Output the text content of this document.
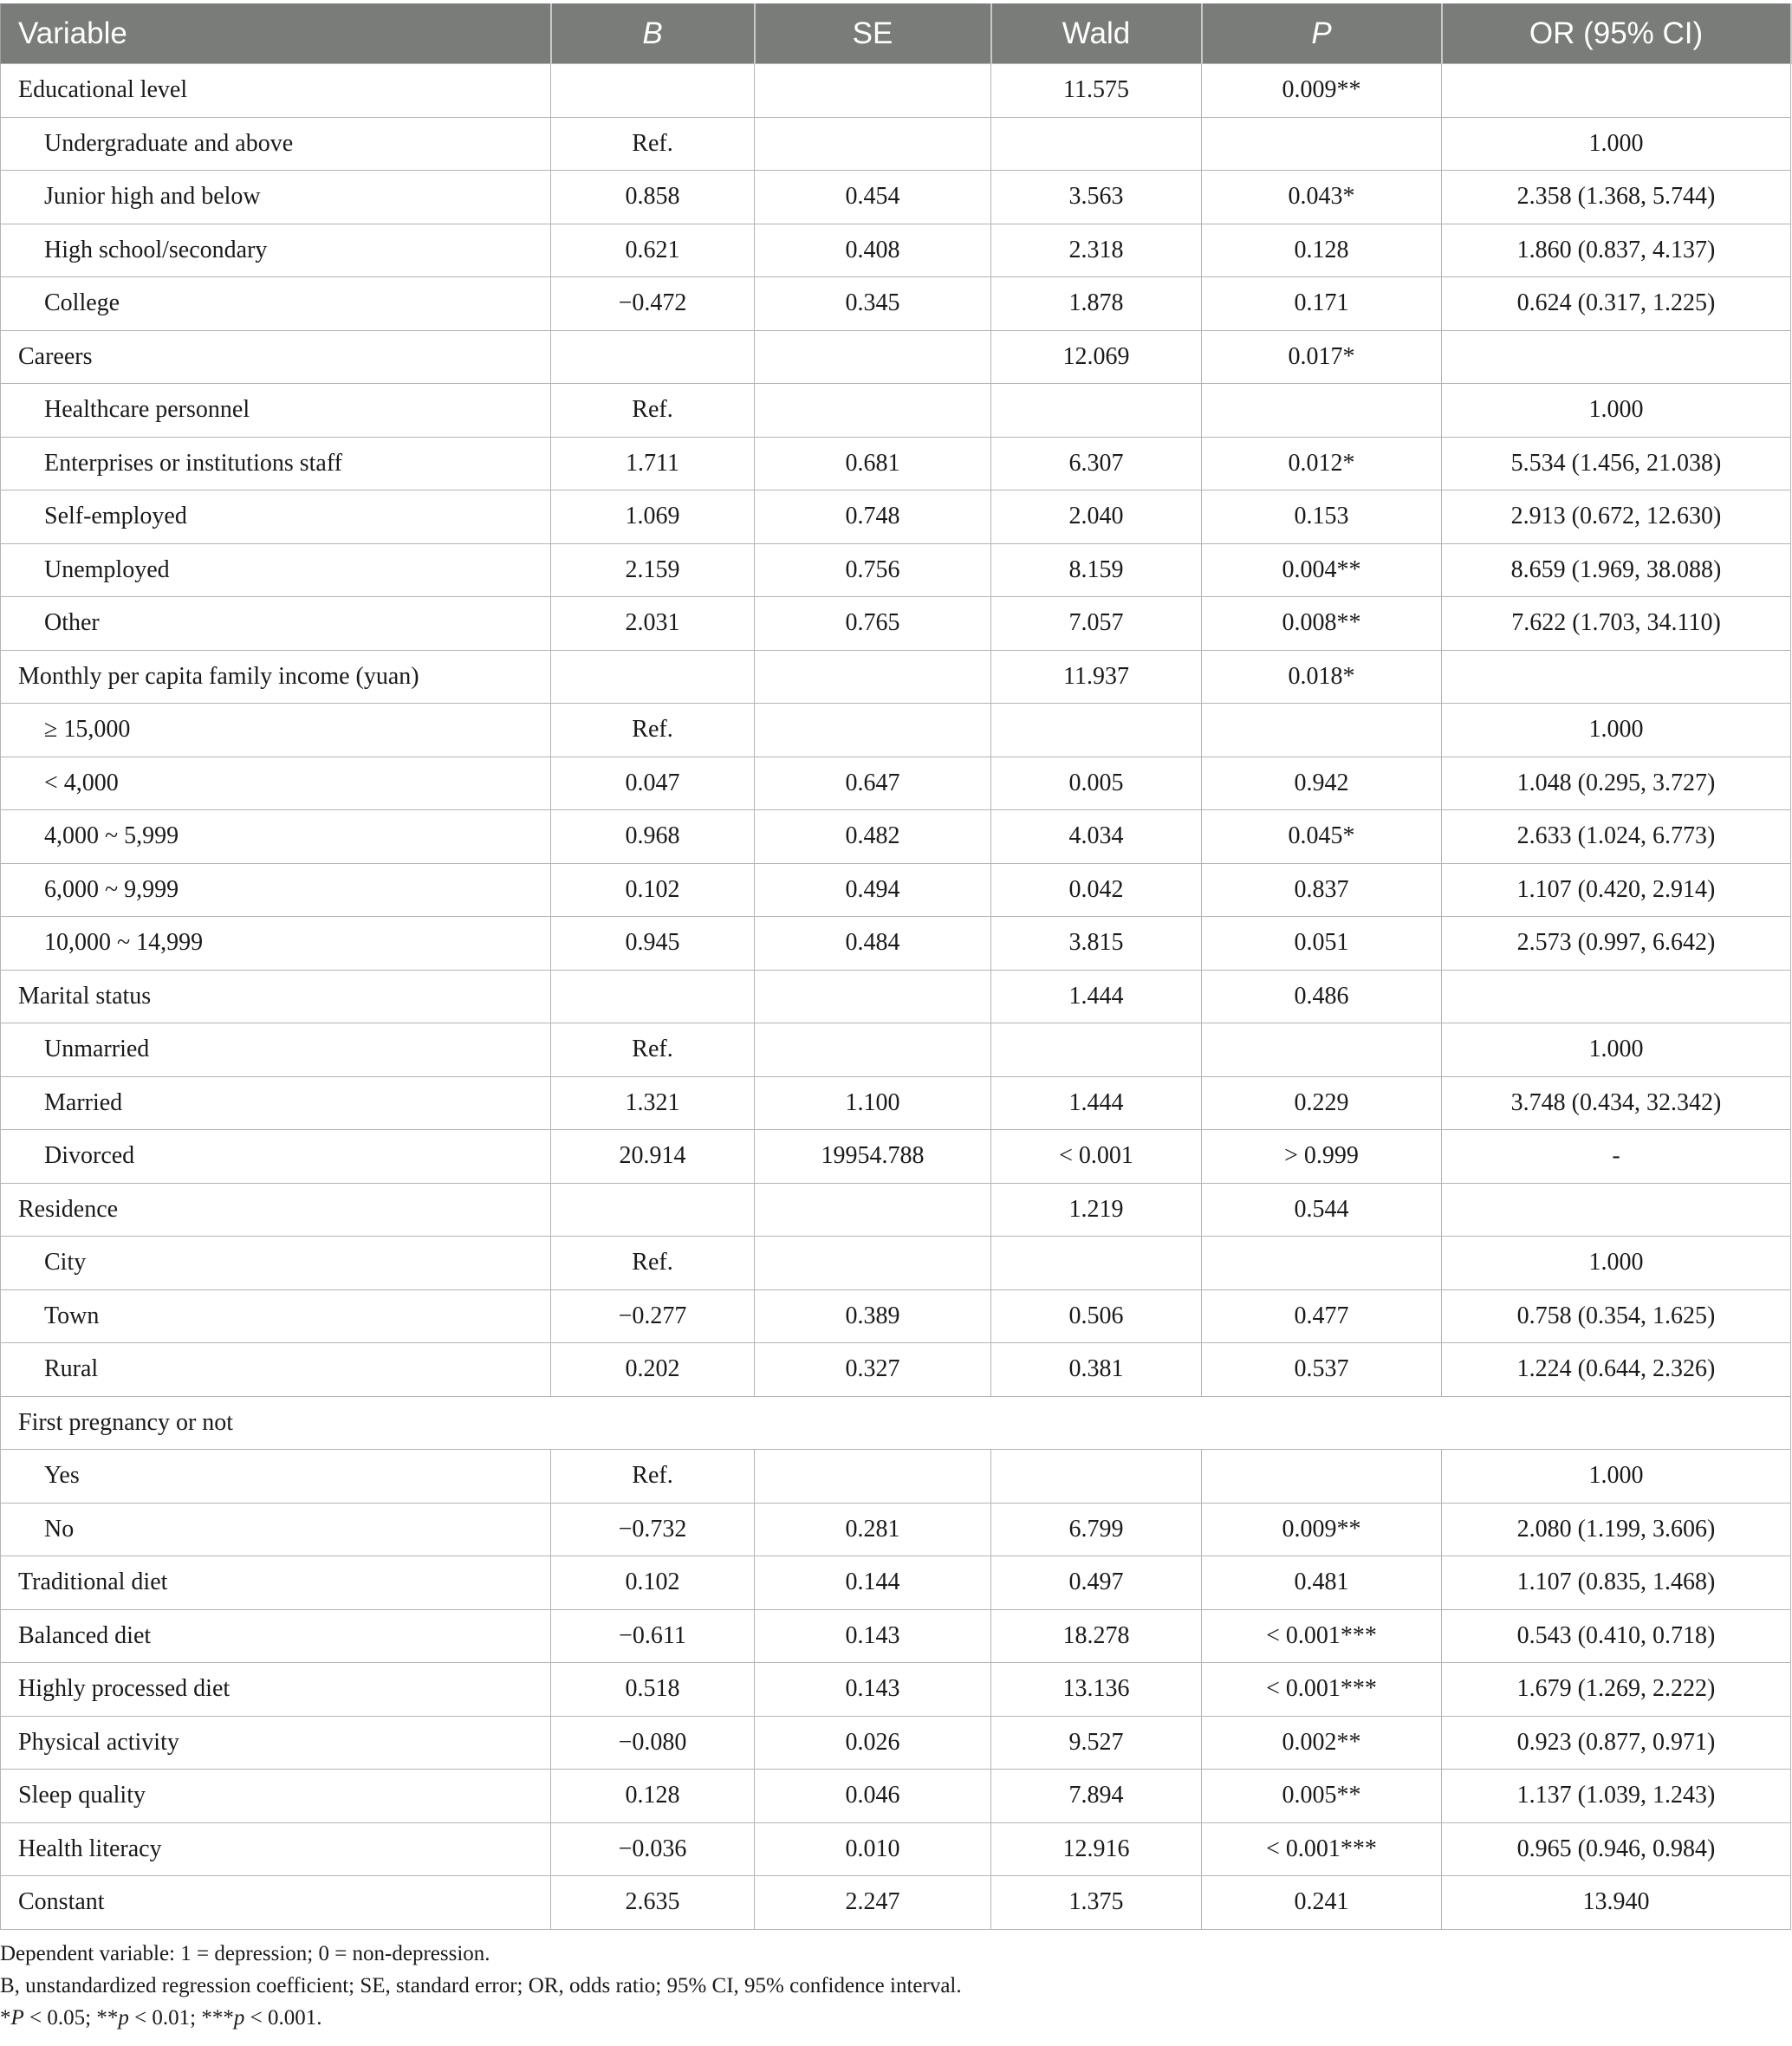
Variable	B	SE	Wald	P	OR (95% CI)
Educational level			11.575	0.009**	
Undergraduate and above	Ref.				1.000
Junior high and below	0.858	0.454	3.563	0.043*	2.358 (1.368, 5.744)
High school/secondary	0.621	0.408	2.318	0.128	1.860 (0.837, 4.137)
College	−0.472	0.345	1.878	0.171	0.624 (0.317, 1.225)
Careers			12.069	0.017*	
Healthcare personnel	Ref.				1.000
Enterprises or institutions staff	1.711	0.681	6.307	0.012*	5.534 (1.456, 21.038)
Self-employed	1.069	0.748	2.040	0.153	2.913 (0.672, 12.630)
Unemployed	2.159	0.756	8.159	0.004**	8.659 (1.969, 38.088)
Other	2.031	0.765	7.057	0.008**	7.622 (1.703, 34.110)
Monthly per capita family income (yuan)			11.937	0.018*	
≥ 15,000	Ref.				1.000
< 4,000	0.047	0.647	0.005	0.942	1.048 (0.295, 3.727)
4,000 ~ 5,999	0.968	0.482	4.034	0.045*	2.633 (1.024, 6.773)
6,000 ~ 9,999	0.102	0.494	0.042	0.837	1.107 (0.420, 2.914)
10,000 ~ 14,999	0.945	0.484	3.815	0.051	2.573 (0.997, 6.642)
Marital status			1.444	0.486	
Unmarried	Ref.				1.000
Married	1.321	1.100	1.444	0.229	3.748 (0.434, 32.342)
Divorced	20.914	19954.788	< 0.001	> 0.999	-
Residence			1.219	0.544	
City	Ref.				1.000
Town	−0.277	0.389	0.506	0.477	0.758 (0.354, 1.625)
Rural	0.202	0.327	0.381	0.537	1.224 (0.644, 2.326)
First pregnancy or not					
Yes	Ref.				1.000
No	−0.732	0.281	6.799	0.009**	2.080 (1.199, 3.606)
Traditional diet	0.102	0.144	0.497	0.481	1.107 (0.835, 1.468)
Balanced diet	−0.611	0.143	18.278	< 0.001***	0.543 (0.410, 0.718)
Highly processed diet	0.518	0.143	13.136	< 0.001***	1.679 (1.269, 2.222)
Physical activity	−0.080	0.026	9.527	0.002**	0.923 (0.877, 0.971)
Sleep quality	0.128	0.046	7.894	0.005**	1.137 (1.039, 1.243)
Health literacy	−0.036	0.010	12.916	< 0.001***	0.965 (0.946, 0.984)
Constant	2.635	2.247	1.375	0.241	13.940
Dependent variable: 1 = depression; 0 = non-depression.
B, unstandardized regression coefficient; SE, standard error; OR, odds ratio; 95% CI, 95% confidence interval.
*P < 0.05; **p < 0.01; ***p < 0.001.
